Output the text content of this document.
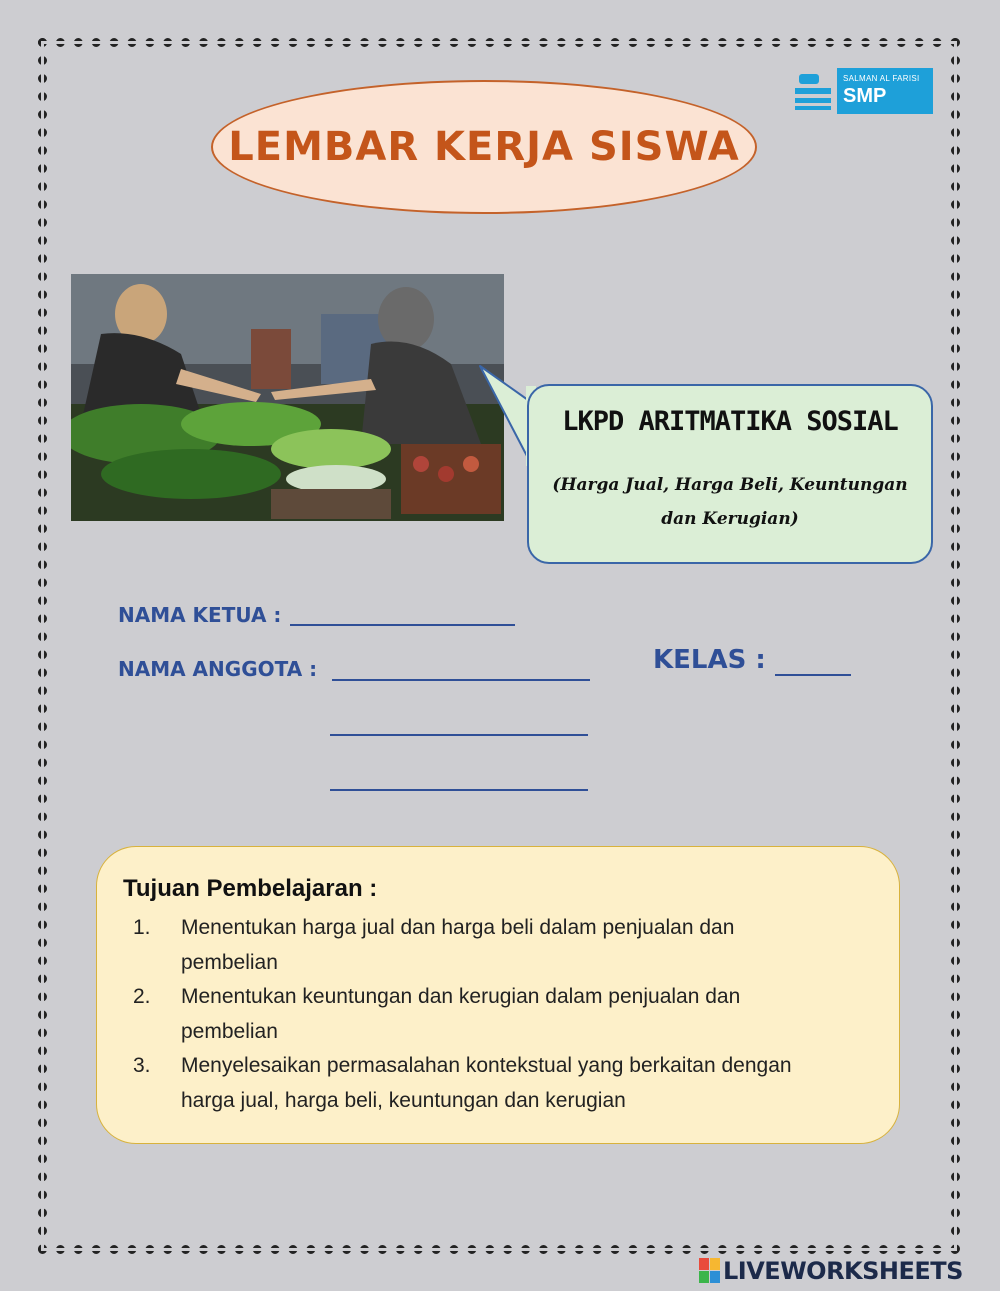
LEMBAR KERJA SISWA
SALMAN AL FARISI
SMP
LKPD ARITMATIKA SOSIAL
(Harga Jual, Harga Beli, Keuntungan
dan Kerugian)
NAMA KETUA :
NAMA ANGGOTA :	KELAS :
Tujuan Pembelajaran :
1. Menentukan harga jual dan harga beli dalam penjualan dan
pembelian
2. Menentukan keuntungan dan kerugian dalam penjualan dan
pembelian
3. Menyelesaikan permasalahan kontekstual yang berkaitan dengan
harga jual, harga beli, keuntungan dan kerugian
LIVEWORKSHEETS
